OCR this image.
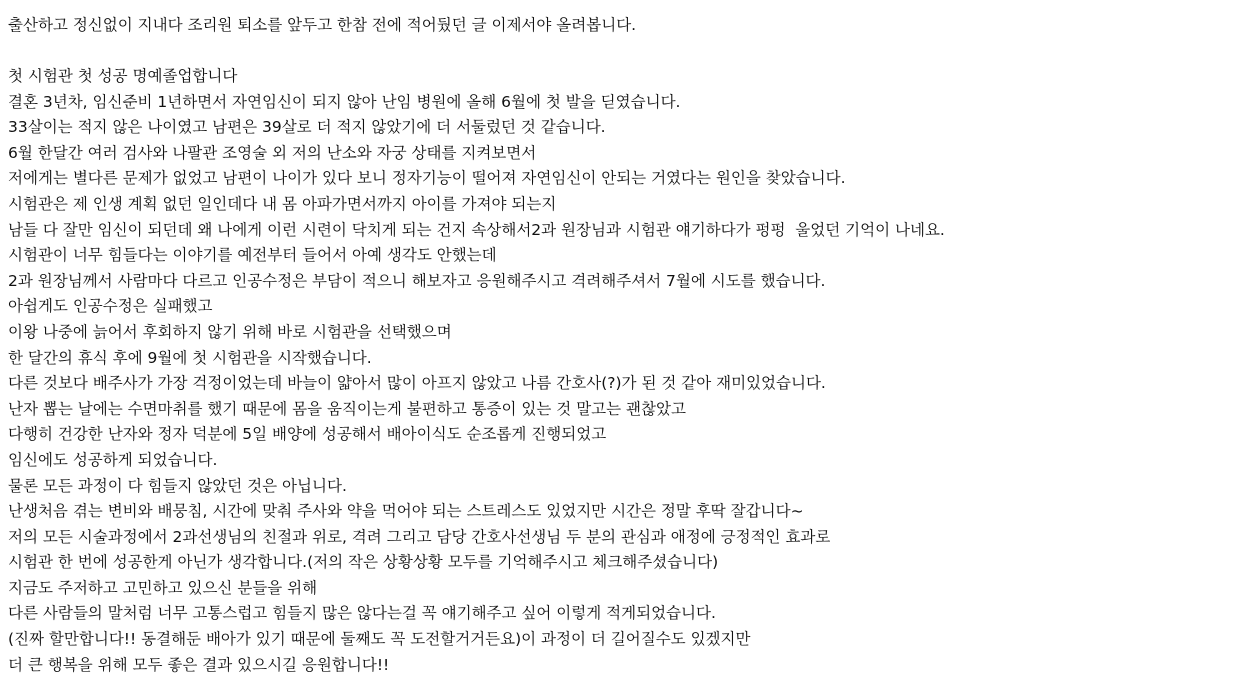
출산하고 정신없이 지내다 조리원 퇴소를 앞두고 한참 전에 적어뒀던 글 이제서야 올려봅니다.
첫 시험관 첫 성공 명예졸업합니다
결혼 3년차, 임신준비 1년하면서 자연임신이 되지 않아 난임 병원에 올해 6월에 첫 발을 딛였습니다.
33살이는 적지 않은 나이였고 남편은 39살로 더 적지 않았기에 더 서둘렀던 것 같습니다.
6월 한달간 여러 검사와 나팔관 조영술 외 저의 난소와 자궁 상태를 지켜보면서
저에게는 별다른 문제가 없었고 남편이 나이가 있다 보니 정자기능이 떨어져 자연임신이 안되는 거였다는 원인을 찾았습니다.
시험관은 제 인생 계획 없던 일인데다 내 몸 아파가면서까지 아이를 가져야 되는지
남들 다 잘만 임신이 되던데 왜 나에게 이런 시련이 닥치게 되는 건지 속상해서2과 원장님과 시험관 얘기하다가 펑펑  울었던 기억이 나네요.
시험관이 너무 힘들다는 이야기를 예전부터 들어서 아예 생각도 안했는데
2과 원장님께서 사람마다 다르고 인공수정은 부담이 적으니 해보자고 응원해주시고 격려해주셔서 7월에 시도를 했습니다.
아쉽게도 인공수정은 실패했고
이왕 나중에 늙어서 후회하지 않기 위해 바로 시험관을 선택했으며
한 달간의 휴식 후에 9월에 첫 시험관을 시작했습니다.
다른 것보다 배주사가 가장 걱정이었는데 바늘이 얇아서 많이 아프지 않았고 나름 간호사(?)가 된 것 같아 재미있었습니다.
난자 뽑는 날에는 수면마취를 했기 때문에 몸을 움직이는게 불편하고 통증이 있는 것 말고는 괜찮았고
다행히 건강한 난자와 정자 덕분에 5일 배양에 성공해서 배아이식도 순조롭게 진행되었고
임신에도 성공하게 되었습니다.
물론 모든 과정이 다 힘들지 않았던 것은 아닙니다.
난생처음 겪는 변비와 배뭉침, 시간에 맞춰 주사와 약을 먹어야 되는 스트레스도 있었지만 시간은 정말 후딱 잘갑니다~
저의 모든 시술과정에서 2과선생님의 친절과 위로, 격려 그리고 담당 간호사선생님 두 분의 관심과 애정에 긍정적인 효과로
시험관 한 번에 성공한게 아닌가 생각합니다.(저의 작은 상황상황 모두를 기억해주시고 체크해주셨습니다)
지금도 주저하고 고민하고 있으신 분들을 위해
다른 사람들의 말처럼 너무 고통스럽고 힘들지 많은 않다는걸 꼭 얘기해주고 싶어 이렇게 적게되었습니다.
(진짜 할만합니다!! 동결해둔 배아가 있기 때문에 둘째도 꼭 도전할거거든요)이 과정이 더 길어질수도 있겠지만
더 큰 행복을 위해 모두 좋은 결과 있으시길 응원합니다!!
